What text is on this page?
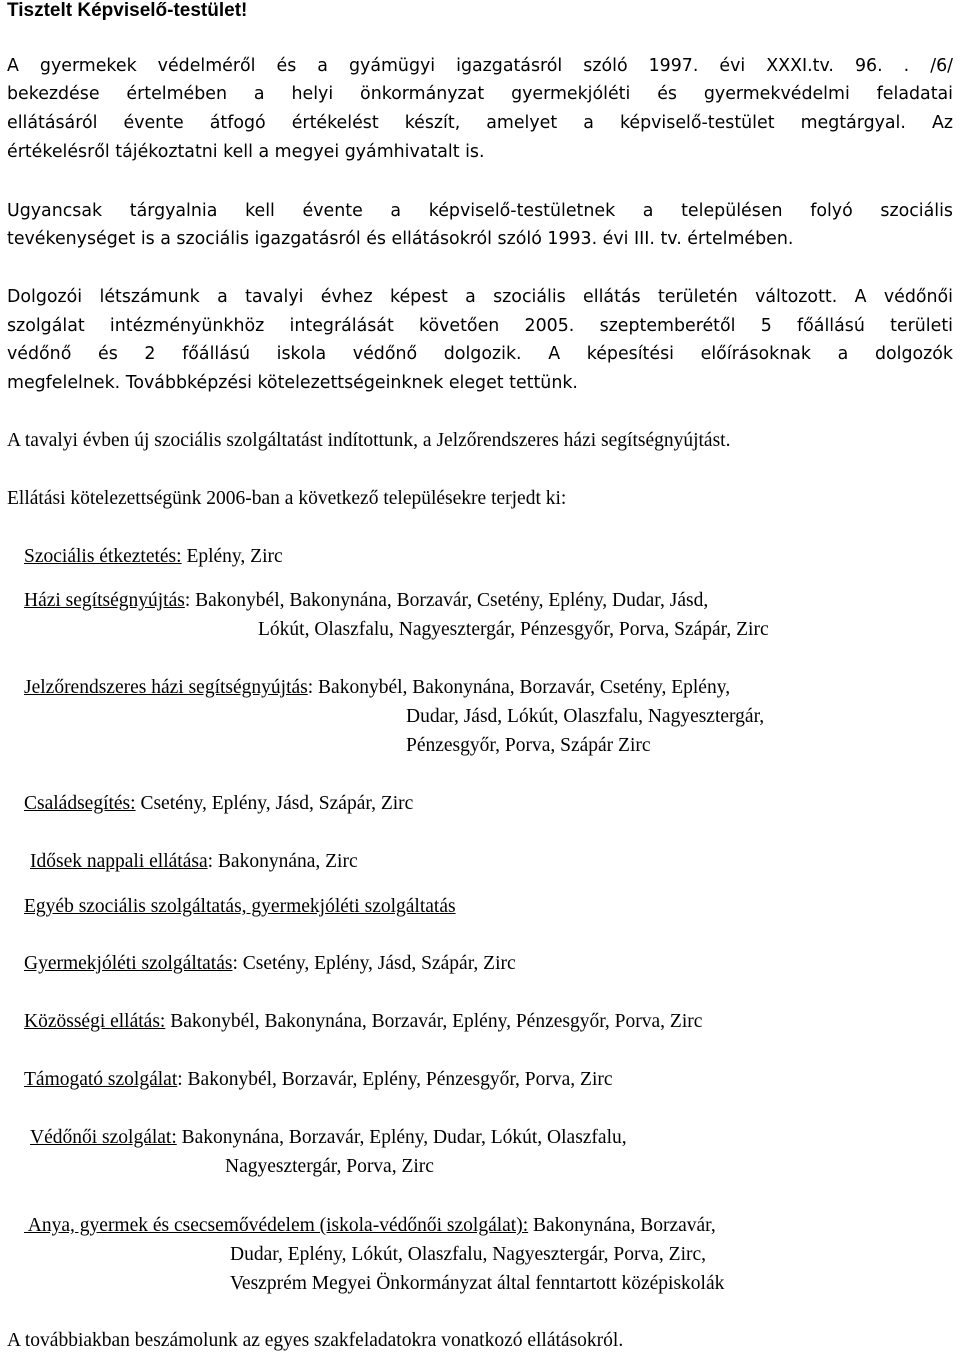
Tisztelt Képviselő-testület!
A gyermekek védelméről és a gyámügyi igazgatásról szóló 1997. évi XXXI.tv. 96. . /6/
bekezdése értelmében a helyi önkormányzat gyermekjóléti és gyermekvédelmi feladatai
ellátásáról évente átfogó értékelést készít, amelyet a képviselő-testület megtárgyal. Az
értékelésről tájékoztatni kell a megyei gyámhivatalt is.
Ugyancsak tárgyalnia kell évente a képviselő-testületnek a településen folyó szociális
tevékenységet is a szociális igazgatásról és ellátásokról szóló 1993. évi III. tv. értelmében.
Dolgozói létszámunk a tavalyi évhez képest a szociális ellátás területén változott. A védőnői
szolgálat intézményünkhöz integrálását követően 2005. szeptemberétől 5 főállású területi
védőnő és 2 főállású iskola védőnő dolgozik. A képesítési előírásoknak a dolgozók
megfelelnek. Továbbképzési kötelezettségeinknek eleget tettünk.
A tavalyi évben új szociális szolgáltatást indítottunk, a Jelzőrendszeres házi segítségnyújtást.
Ellátási kötelezettségünk 2006-ban a következő településekre terjedt ki:
Szociális étkeztetés: Eplény, Zirc
Házi segítségnyújtás: Bakonybél, Bakonynána, Borzavár, Csetény, Eplény, Dudar, Jásd,
Lókút, Olaszfalu, Nagyesztergár, Pénzesgyőr, Porva, Szápár, Zirc
Jelzőrendszeres házi segítségnyújtás: Bakonybél, Bakonynána, Borzavár, Csetény, Eplény,
Dudar, Jásd, Lókút, Olaszfalu, Nagyesztergár,
Pénzesgyőr, Porva, Szápár Zirc
Családsegítés: Csetény, Eplény, Jásd, Szápár, Zirc
Idősek nappali ellátása: Bakonynána, Zirc
Egyéb szociális szolgáltatás, gyermekjóléti szolgáltatás
Gyermekjóléti szolgáltatás: Csetény, Eplény, Jásd, Szápár, Zirc
Közösségi ellátás: Bakonybél, Bakonynána, Borzavár, Eplény, Pénzesgyőr, Porva, Zirc
Támogató szolgálat: Bakonybél, Borzavár, Eplény, Pénzesgyőr, Porva, Zirc
Védőnői szolgálat: Bakonynána, Borzavár, Eplény, Dudar, Lókút, Olaszfalu,
Nagyesztergár, Porva, Zirc
Anya, gyermek és csecsemővédelem (iskola-védőnői szolgálat): Bakonynána, Borzavár,
Dudar, Eplény, Lókút, Olaszfalu, Nagyesztergár, Porva, Zirc,
Veszprém Megyei Önkormányzat által fenntartott középiskolák
A továbbiakban beszámolunk az egyes szakfeladatokra vonatkozó ellátásokról.
